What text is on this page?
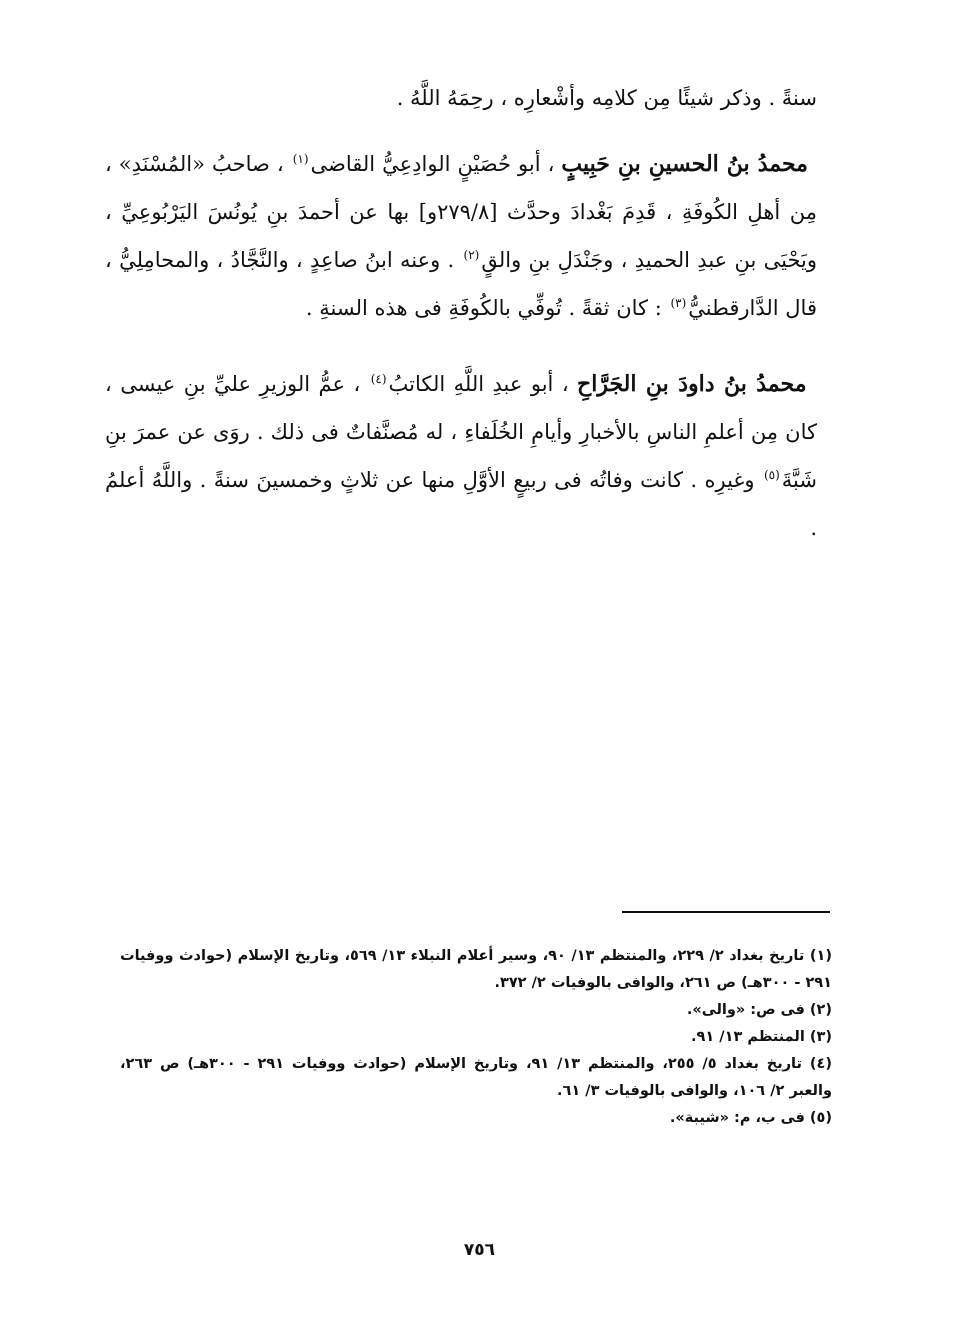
سنةً . وذكر شيئًا مِن كلامِه وأشْعارِه ، رحِمَهُ اللَّهُ .

محمدُ بنُ الحسينِ بنِ حَبِيبٍ ، أبو حُصَيْنٍ الوادِعِيُّ القاضى$^{(١)}$ ، صاحبُ «المُسْنَدِ» ، مِن أهلِ الكُوفَةِ ، قَدِمَ بَغْدادَ وحدَّث [٢٧٩/٨و] بها عن أحمدَ بنِ يُونُسَ اليَرْبُوعِيِّ ، ويَحْيَى بنِ عبدِ الحميدِ ، وجَنْدَلِ بنِ والقٍ$^{(٢)}$ . وعنه ابنُ صاعِدٍ ، والنَّجَّادُ ، والمحامِلِيُّ ، قال الدَّارقطنيُّ$^{(٣)}$ : كان ثقةً . تُوفِّي بالكُوفَةِ فى هذه السنةِ .

محمدُ بنُ داودَ بنِ الجَرَّاحِ ، أبو عبدِ اللَّهِ الكاتبُ$^{(٤)}$ ، عمُّ الوزيرِ عليِّ بنِ عيسى ، كان مِن أعلمِ الناسِ بالأخبارِ وأيامِ الخُلَفاءِ ، له مُصنَّفاتٌ فى ذلك . روَى عن عمرَ بنِ شَبَّةَ$^{(٥)}$ وغيرِه . كانت وفاتُه فى ربيعٍ الأوَّلِ منها عن ثلاثٍ وخمسينَ سنةً . واللَّهُ أعلمُ .

(١) تاريخ بغداد ٢/ ٢٢٩، والمنتظم ١٣/ ٩٠، وسير أعلام النبلاء ١٣/ ٥٦٩، وتاريخ الإسلام (حوادث ووفيات ٢٩١ - ٣٠٠هـ) ص ٢٦١، والوافى بالوفيات ٢/ ٣٧٢.

(٢) فى ص: «والى».

(٣) المنتظم ١٣/ ٩١.

(٤) تاريخ بغداد ٥/ ٢٥٥، والمنتظم ١٣/ ٩١، وتاريخ الإسلام (حوادث ووفيات ٢٩١ - ٣٠٠هـ) ص ٢٦٣، والعبر ٢/ ١٠٦، والوافى بالوفيات ٣/ ٦١.

(٥) فى ب، م: «شيبة».

٧٥٦
